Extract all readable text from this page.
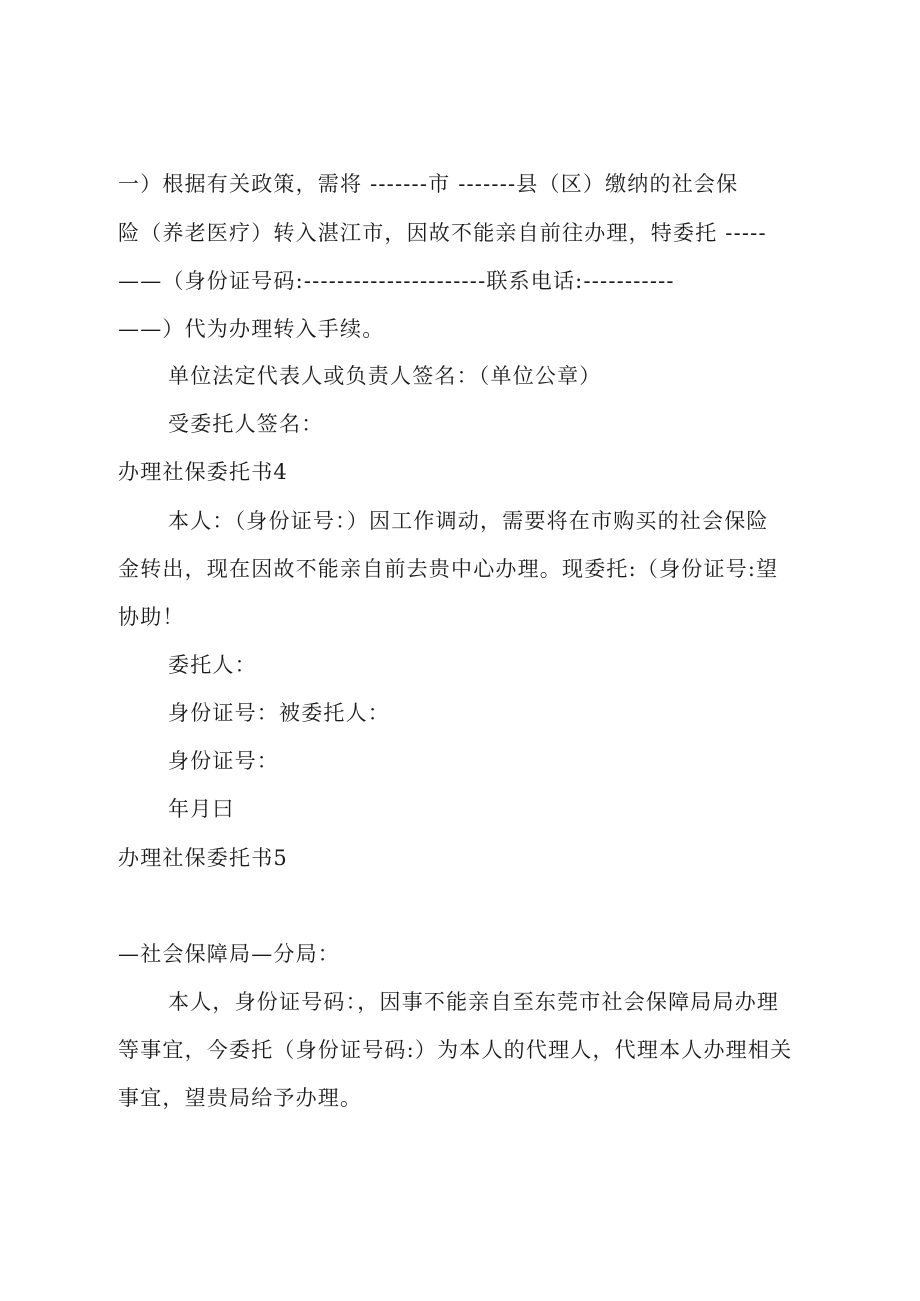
一）根据有关政策，需将 -------市 -------县（区）缴纳的社会保
险（养老医疗）转入湛江市，因故不能亲自前往办理，特委托 -----
——（身份证号码:----------------------联系电话:-----------
——）代为办理转入手续。
单位法定代表人或负责人签名：（单位公章）
受委托人签名：
办理社保委托书4
本人：（身份证号：）因工作调动，需要将在市购买的社会保险
金转出，现在因故不能亲自前去贵中心办理。现委托:（身份证号:望
协助！
委托人：
身份证号：被委托人：
身份证号：
年月曰
办理社保委托书5
—社会保障局—分局：
本人，身份证号码：，因事不能亲自至东莞市社会保障局局办理
等事宜，今委托（身份证号码:）为本人的代理人，代理本人办理相关
事宜，望贵局给予办理。
